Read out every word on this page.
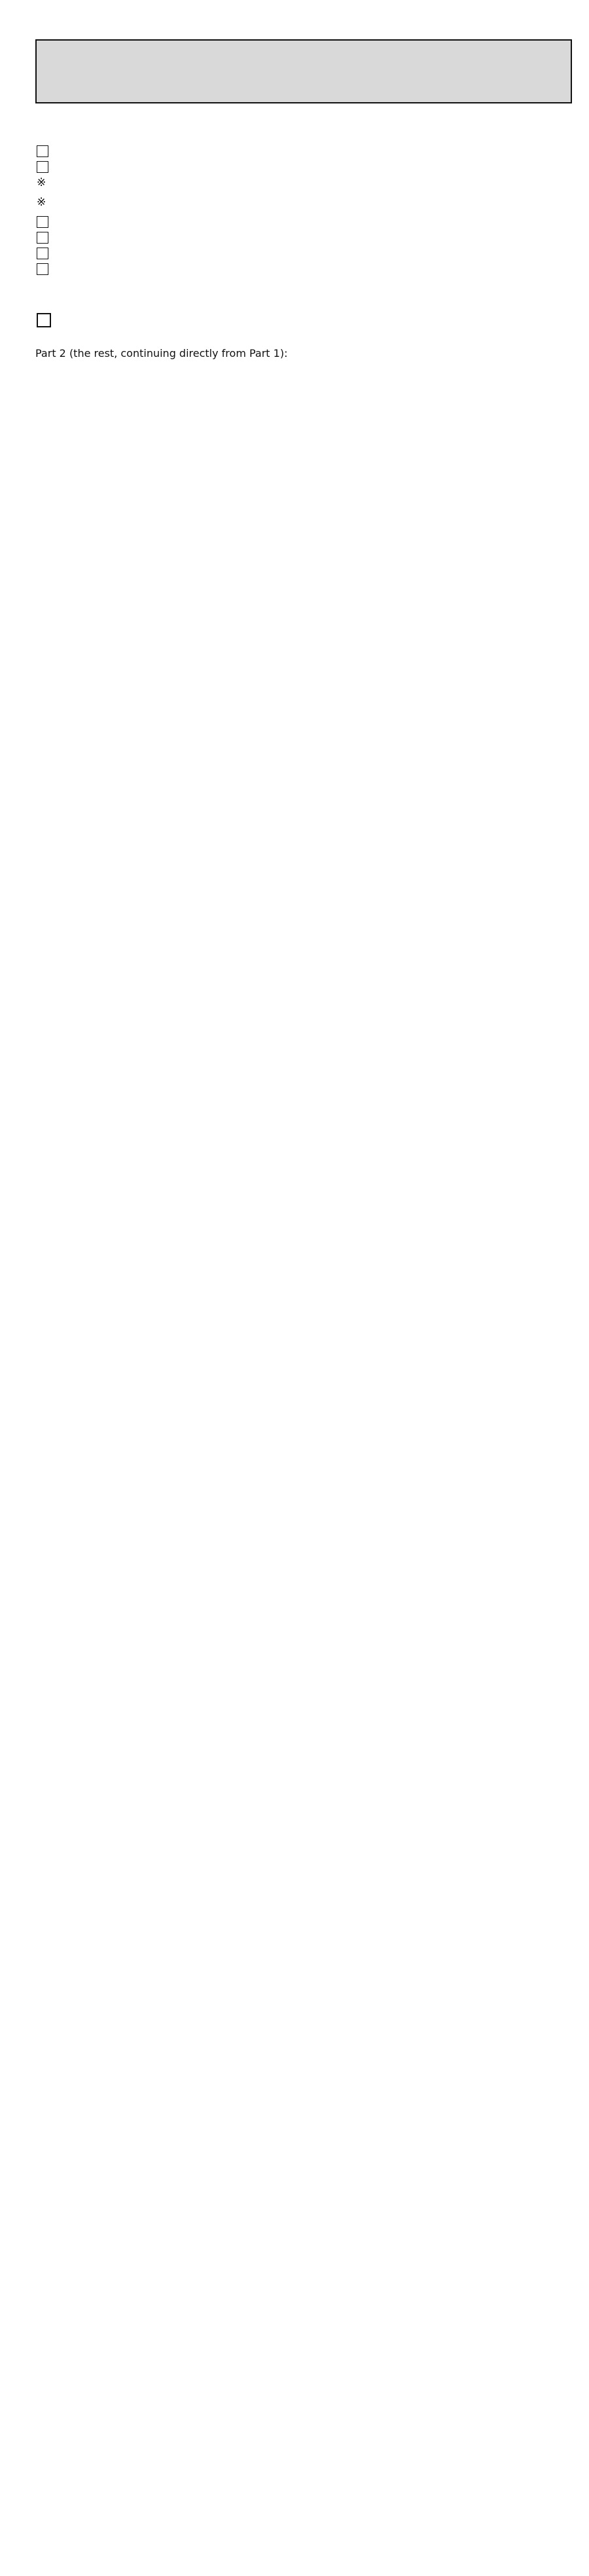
※
※

Part 2 (the rest, continuing directly from Part 1):
